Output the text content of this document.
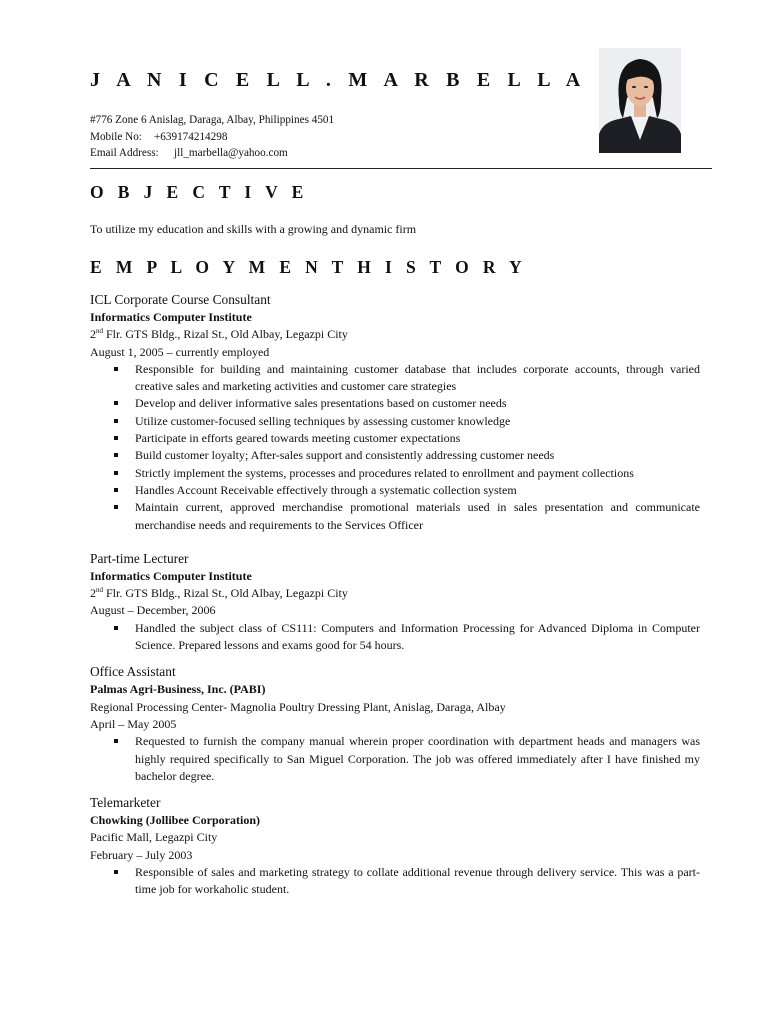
J A N I C E L L . M A R B E L L A
#776 Zone 6 Anislag, Daraga, Albay, Philippines 4501
Mobile No: +639174214298
Email Address: jll_marbella@yahoo.com
O B J E C T I V E
To utilize my education and skills with a growing and dynamic firm
E M P L O Y M E N T H I S T O R Y
ICL Corporate Course Consultant
Informatics Computer Institute
2nd Flr. GTS Bldg., Rizal St., Old Albay, Legazpi City
August 1, 2005 – currently employed
Responsible for building and maintaining customer database that includes corporate accounts, through varied creative sales and marketing activities and customer care strategies
Develop and deliver informative sales presentations based on customer needs
Utilize customer-focused selling techniques by assessing customer knowledge
Participate in efforts geared towards meeting customer expectations
Build customer loyalty; After-sales support and consistently addressing customer needs
Strictly implement the systems, processes and procedures related to enrollment and payment collections
Handles Account Receivable effectively through a systematic collection system
Maintain current, approved merchandise promotional materials used in sales presentation and communicate merchandise needs and requirements to the Services Officer
Part-time Lecturer
Informatics Computer Institute
2nd Flr. GTS Bldg., Rizal St., Old Albay, Legazpi City
August – December, 2006
Handled the subject class of CS111: Computers and Information Processing for Advanced Diploma in Computer Science. Prepared lessons and exams good for 54 hours.
Office Assistant
Palmas Agri-Business, Inc. (PABI)
Regional Processing Center- Magnolia Poultry Dressing Plant, Anislag, Daraga, Albay
April – May 2005
Requested to furnish the company manual wherein proper coordination with department heads and managers was highly required specifically to San Miguel Corporation. The job was offered immediately after I have finished my bachelor degree.
Telemarketer
Chowking (Jollibee Corporation)
Pacific Mall, Legazpi City
February – July 2003
Responsible of sales and marketing strategy to collate additional revenue through delivery service. This was a part-time job for workaholic student.
